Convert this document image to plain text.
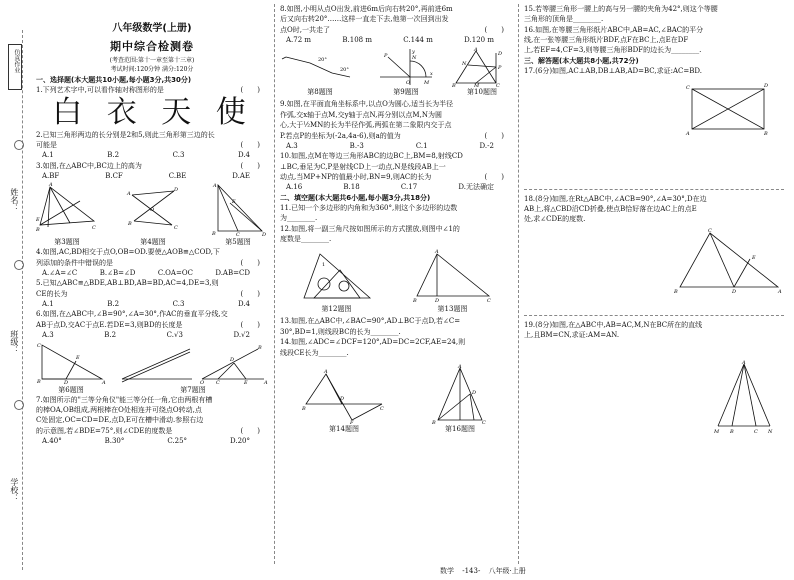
仿真作业
姓名：
班级：
学校：

八年级数学(上册)

期中综合检测卷

(考查范围:第十一章至第十三章)

考试时间:120分钟 满分:120分

一、选择题(本大题共10小题,每小题3分,共30分)

1.下列艺术字中,可以看作轴对称图形的是	(　　)

白 衣 天 使

2.已知三角形两边的长分别是2和5,则此三角形第三边的长

可能是	(　　)

A.1	B.2	C.3	D.4

3.如图,在△ABC中,BC边上的高为	(　　)

A.BF	B.CF	C.BE	D.AE
A
E
B	C

第3题图

A
D
O
B
C

第4题图

A
B	D
E
C

第5题图

4.如图,AC,BD相交于点O,OB=OD.要使△AOB≌△COD,下

列添加的条件中错误的是	(　　)

A.∠A=∠C	B.∠B=∠D	C.OA=OC	D.AB=CD

5.已知△ABC≌△BDE,AB⊥BD,AB=BD,AC=4,DE=3,则

CE的长为	(　　)

A.1	B.2	C.3	D.4

6.如图,在△ABC中,∠B=90°,∠A=30°,作AC的垂直平分线,交

AB于点D,交AC于点E.若DE=3,则BD的长度是	(　　)

A.3	B.2	C.√3	D.√2
C
B	D
E
A

第6题图

O C	E	A
D
B

第7题图

7.如图所示的"三等分角仪"能三等分任一角,它由两根有槽

的棒OA,OB组成,两根棒在O处相连并可绕点O转动,点

C处固定,OC=CD=DE,点D,E可在槽中滑动.参照右边

的示意图,若∠BDE=75°,则∠CDE的度数是	(　　)

A.40°	B.30°	C.25°	D.20°

8.如图,小明从点O出发,前进6m后向右转20°,再前进6m

后又向右转20°……这样一直走下去,他第一次回到出发

点O时,一共走了	(　　)

A.72 m	B.108 m	C.144 m	D.120 m
20°
20°

第8题图

P	N
O	M
x
y

第9题图

A
B	M	C
D
P
N

第10题图

9.如图,在平面直角坐标系中,以点O为圆心,适当长为半径

作弧,交x轴于点M,交y轴于点N,再分别以点M,N为圆

心,大于½MN的长为半径作弧,两弧在第二象限内交于点

P.若点P的坐标为(-2a,4a-6),则a的值为	(　　)

A.3	B.-3	C.1	D.-2

10.如图,点M在等边三角形ABC的边BC上,BM=8,射线CD

⊥BC,垂足为C,P是射线CD上一动点,N是线段AB上一

动点,当MP+NP的值最小时,BN=9,则AC的长为	(　　)

A.16	B.18	C.17	D.无法确定

二、填空题(本大题共6小题,每小题3分,共18分)

11.已知一个多边形的内角和为360°,则这个多边形的边数

为________.

12.如图,将一副三角尺按如图所示的方式摆放,则图中∠1的

度数是________.

1

第12题图

A
B	D	C

第13题图

13.如图,在△ABC中,∠BAC=90°,AD⊥BC于点D,若∠C=

30°,BD=1,则线段BC的长为________.

14.如图,∠ADC=∠DCF=120°,AD=DC=2CF,AE=24,则

线段CE长为________.

A
B
D
F
C

第14题图

A
B
D
C

第16题图

15.若等腰三角形一腰上的高与另一腰的夹角为42°,则这个等腰

三角形的顶角是________.

16.如图,在等腰三角形纸片ABC中,AB=AC,∠BAC的平分

线,在一张等腰三角形纸片BDF,点F在BC上,点E在DF

上,若EF=4,CF=3,则等腰三角形BDF的边长为________.

三、解答题(本大题共8小题,共72分)

17.(6分)如图,AC⊥AB,DB⊥AB,AD=BC,求证:AC=BD.

C	D
A	B

18.(8分)如图,在Rt△ABC中,∠ACB=90°,∠A=30°,D在边

AB上,将△CBD沿CD折叠,使点B恰好落在边AC上的点E

处,求∠CDE的度数.

C
B	D
E
A

19.(8分)如图,在△ABC中,AB=AC,M,N在BC所在的直线

上,且BM=CN,求证:AM=AN.

A
M B	C N
数学 -143- 八年级·上册
